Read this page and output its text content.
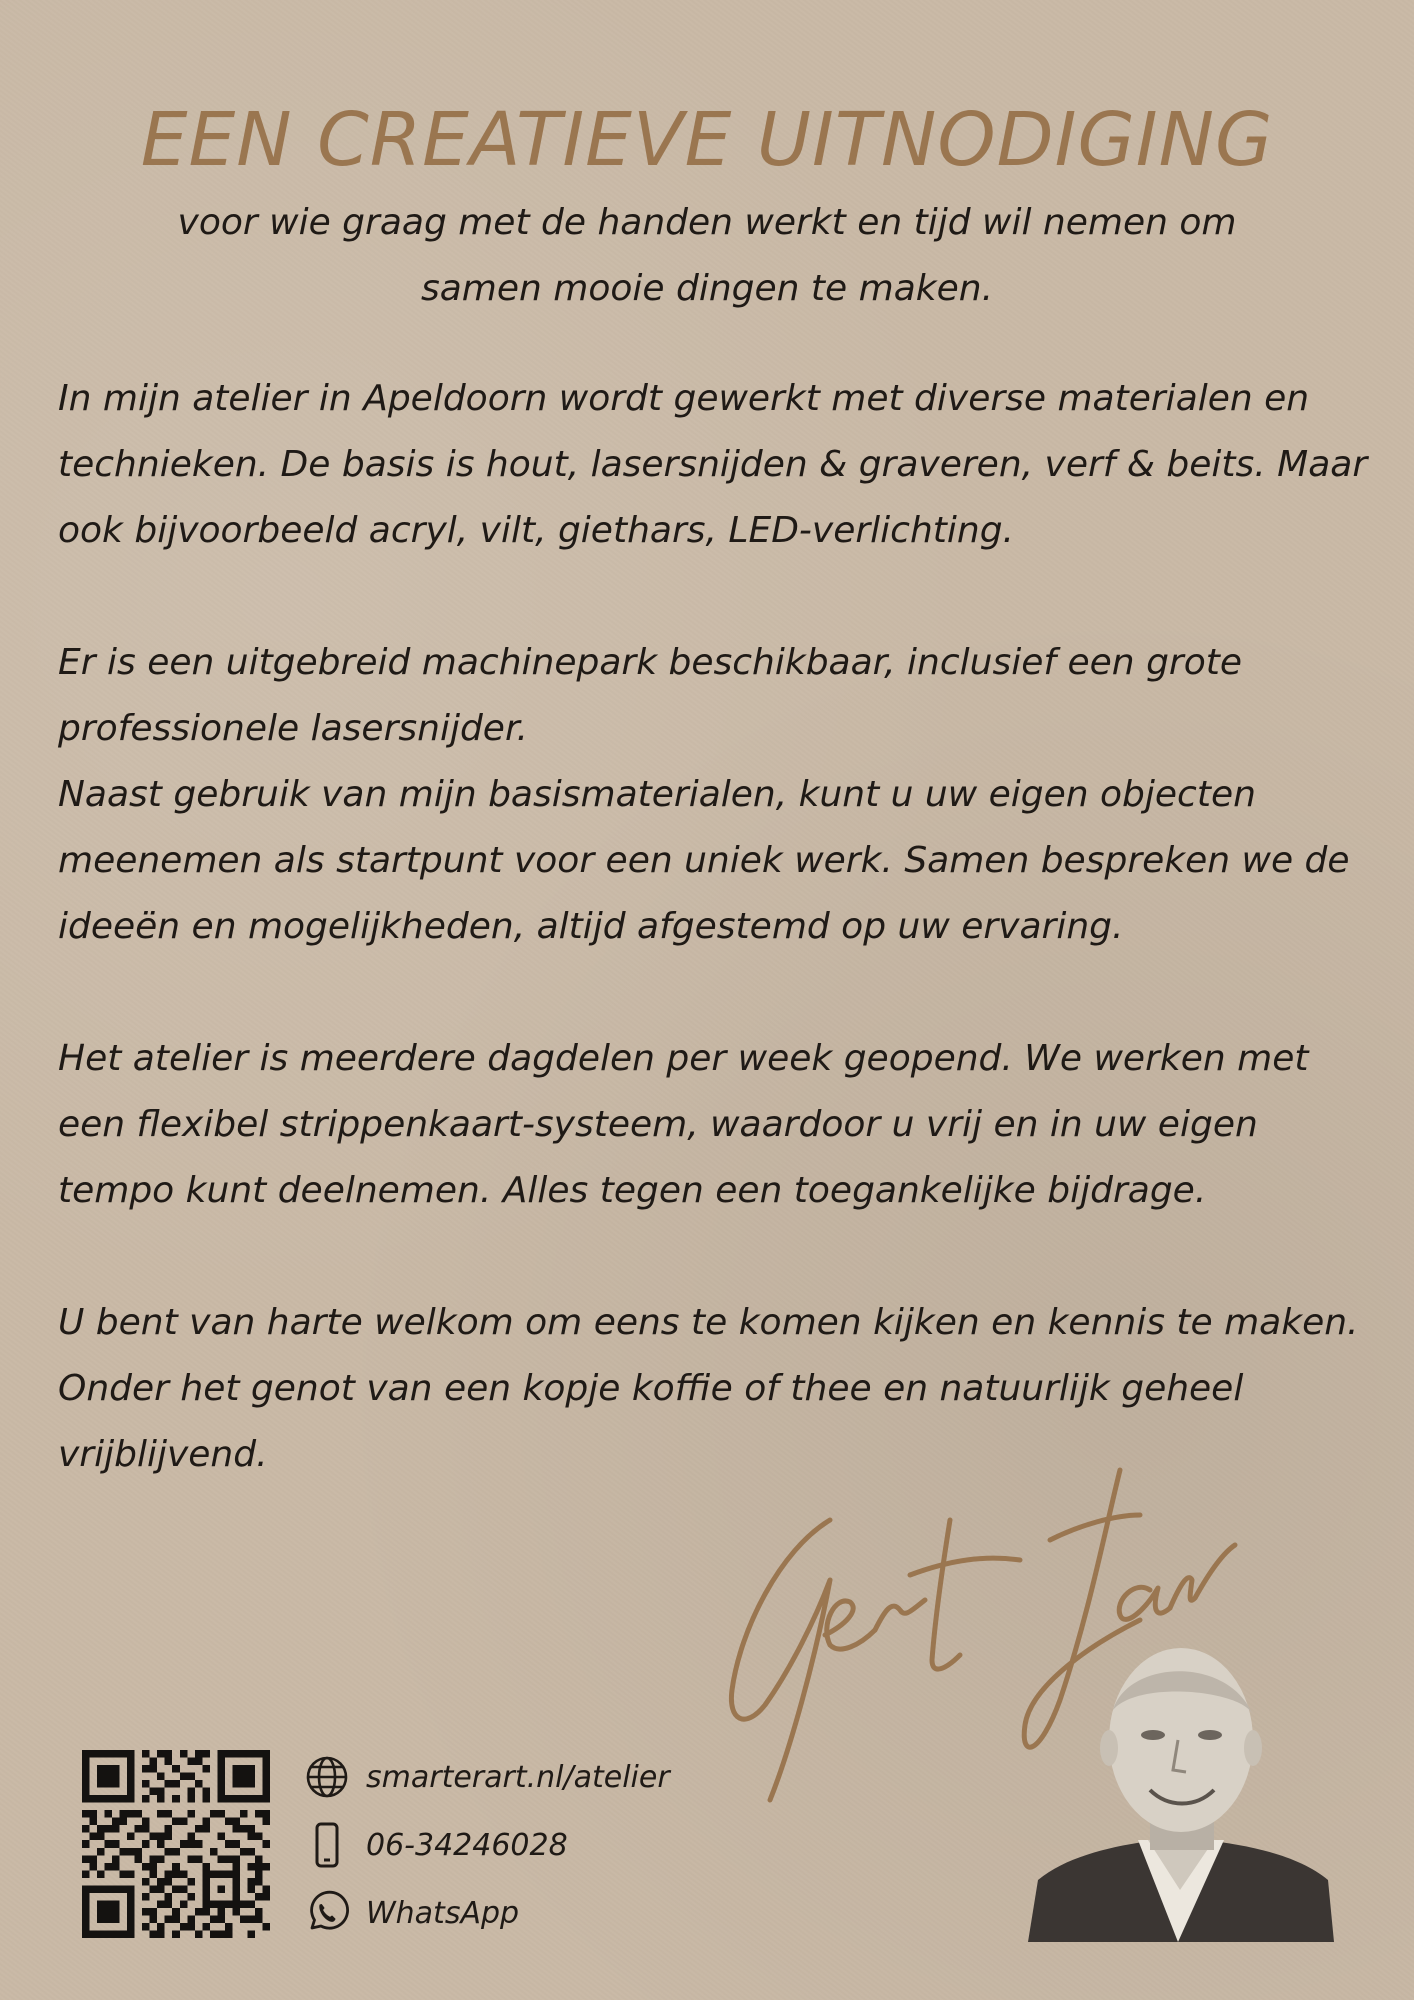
EEN CREATIEVE UITNODIGING
voor wie graag met de handen werkt en tijd wil nemen om
samen mooie dingen te maken.

In mijn atelier in Apeldoorn wordt gewerkt met diverse materialen en technieken. De basis is hout, lasersnijden & graveren, verf & beits. Maar ook bijvoorbeeld acryl, vilt, giethars, LED-verlichting.

Er is een uitgebreid machinepark beschikbaar, inclusief een grote professionele lasersnijder.

Naast gebruik van mijn basismaterialen, kunt u uw eigen objecten meenemen als startpunt voor een uniek werk. Samen bespreken we de ideeën en mogelijkheden, altijd afgestemd op uw ervaring.

Het atelier is meerdere dagdelen per week geopend. We werken met een flexibel strippenkaart-systeem, waardoor u vrij en in uw eigen tempo kunt deelnemen. Alles tegen een toegankelijke bijdrage.

U bent van harte welkom om eens te komen kijken en kennis te maken. Onder het genot van een kopje koffie of thee en natuurlijk geheel vrijblijvend.

smarterart.nl/atelier
06-34246028
WhatsApp
